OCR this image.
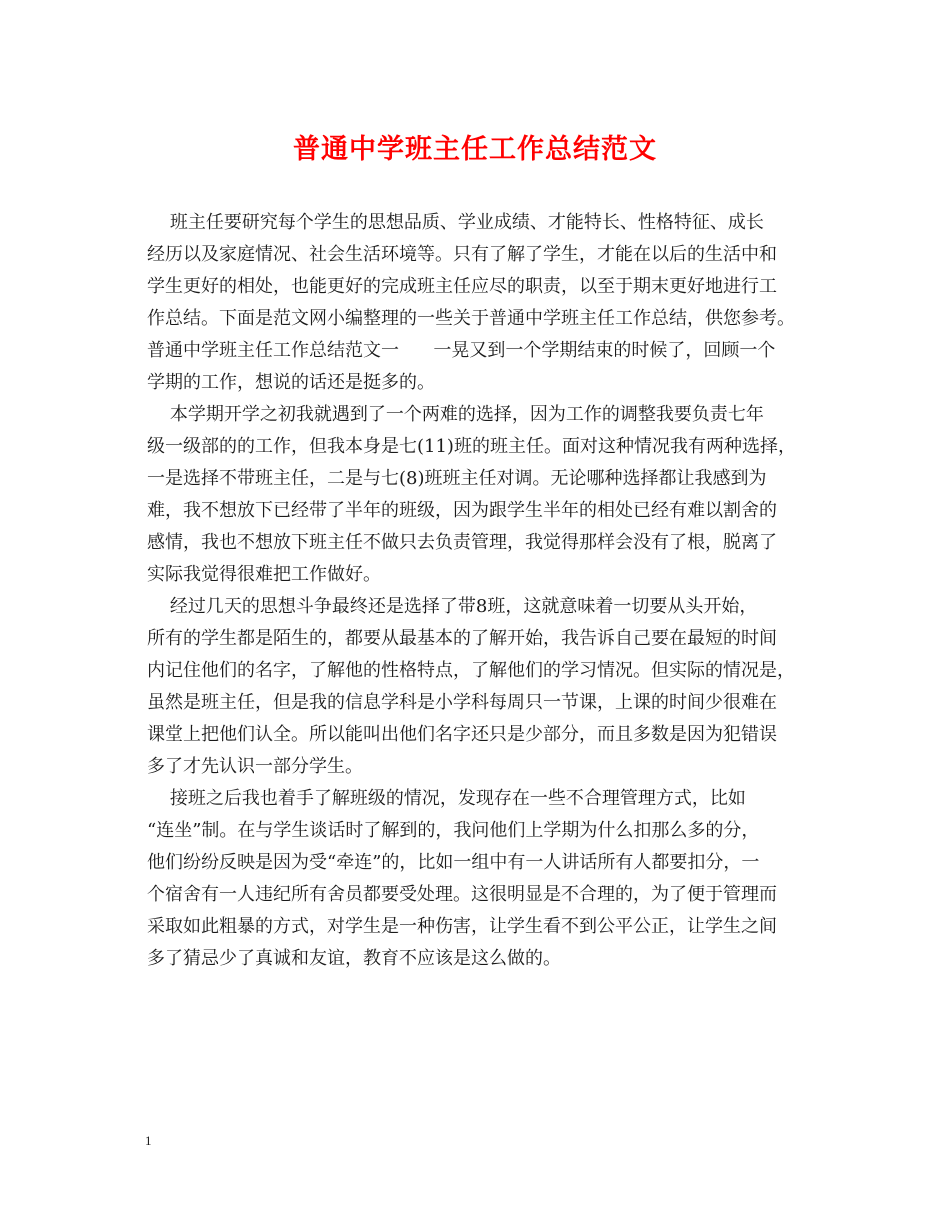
普通中学班主任工作总结范文
班主任要研究每个学生的思想品质、学业成绩、才能特长、性格特征、成长
经历以及家庭情况、社会生活环境等。只有了解了学生，才能在以后的生活中和
学生更好的相处，也能更好的完成班主任应尽的职责，以至于期末更好地进行工
作总结。下面是范文网小编整理的一些关于普通中学班主任工作总结，供您参考。
普通中学班主任工作总结范文一      一晃又到一个学期结束的时候了，回顾一个
学期的工作，想说的话还是挺多的。
本学期开学之初我就遇到了一个两难的选择，因为工作的调整我要负责七年
级一级部的的工作，但我本身是七(11)班的班主任。面对这种情况我有两种选择，
一是选择不带班主任，二是与七(8)班班主任对调。无论哪种选择都让我感到为
难，我不想放下已经带了半年的班级，因为跟学生半年的相处已经有难以割舍的
感情，我也不想放下班主任不做只去负责管理，我觉得那样会没有了根，脱离了
实际我觉得很难把工作做好。
经过几天的思想斗争最终还是选择了带8班，这就意味着一切要从头开始，
所有的学生都是陌生的，都要从最基本的了解开始，我告诉自己要在最短的时间
内记住他们的名字，了解他的性格特点，了解他们的学习情况。但实际的情况是，
虽然是班主任，但是我的信息学科是小学科每周只一节课，上课的时间少很难在
课堂上把他们认全。所以能叫出他们名字还只是少部分，而且多数是因为犯错误
多了才先认识一部分学生。
接班之后我也着手了解班级的情况，发现存在一些不合理管理方式，比如
“连坐”制。在与学生谈话时了解到的，我问他们上学期为什么扣那么多的分，
他们纷纷反映是因为受“牵连”的，比如一组中有一人讲话所有人都要扣分，一
个宿舍有一人违纪所有舍员都要受处理。这很明显是不合理的，为了便于管理而
采取如此粗暴的方式，对学生是一种伤害，让学生看不到公平公正，让学生之间
多了猜忌少了真诚和友谊，教育不应该是这么做的。
1
